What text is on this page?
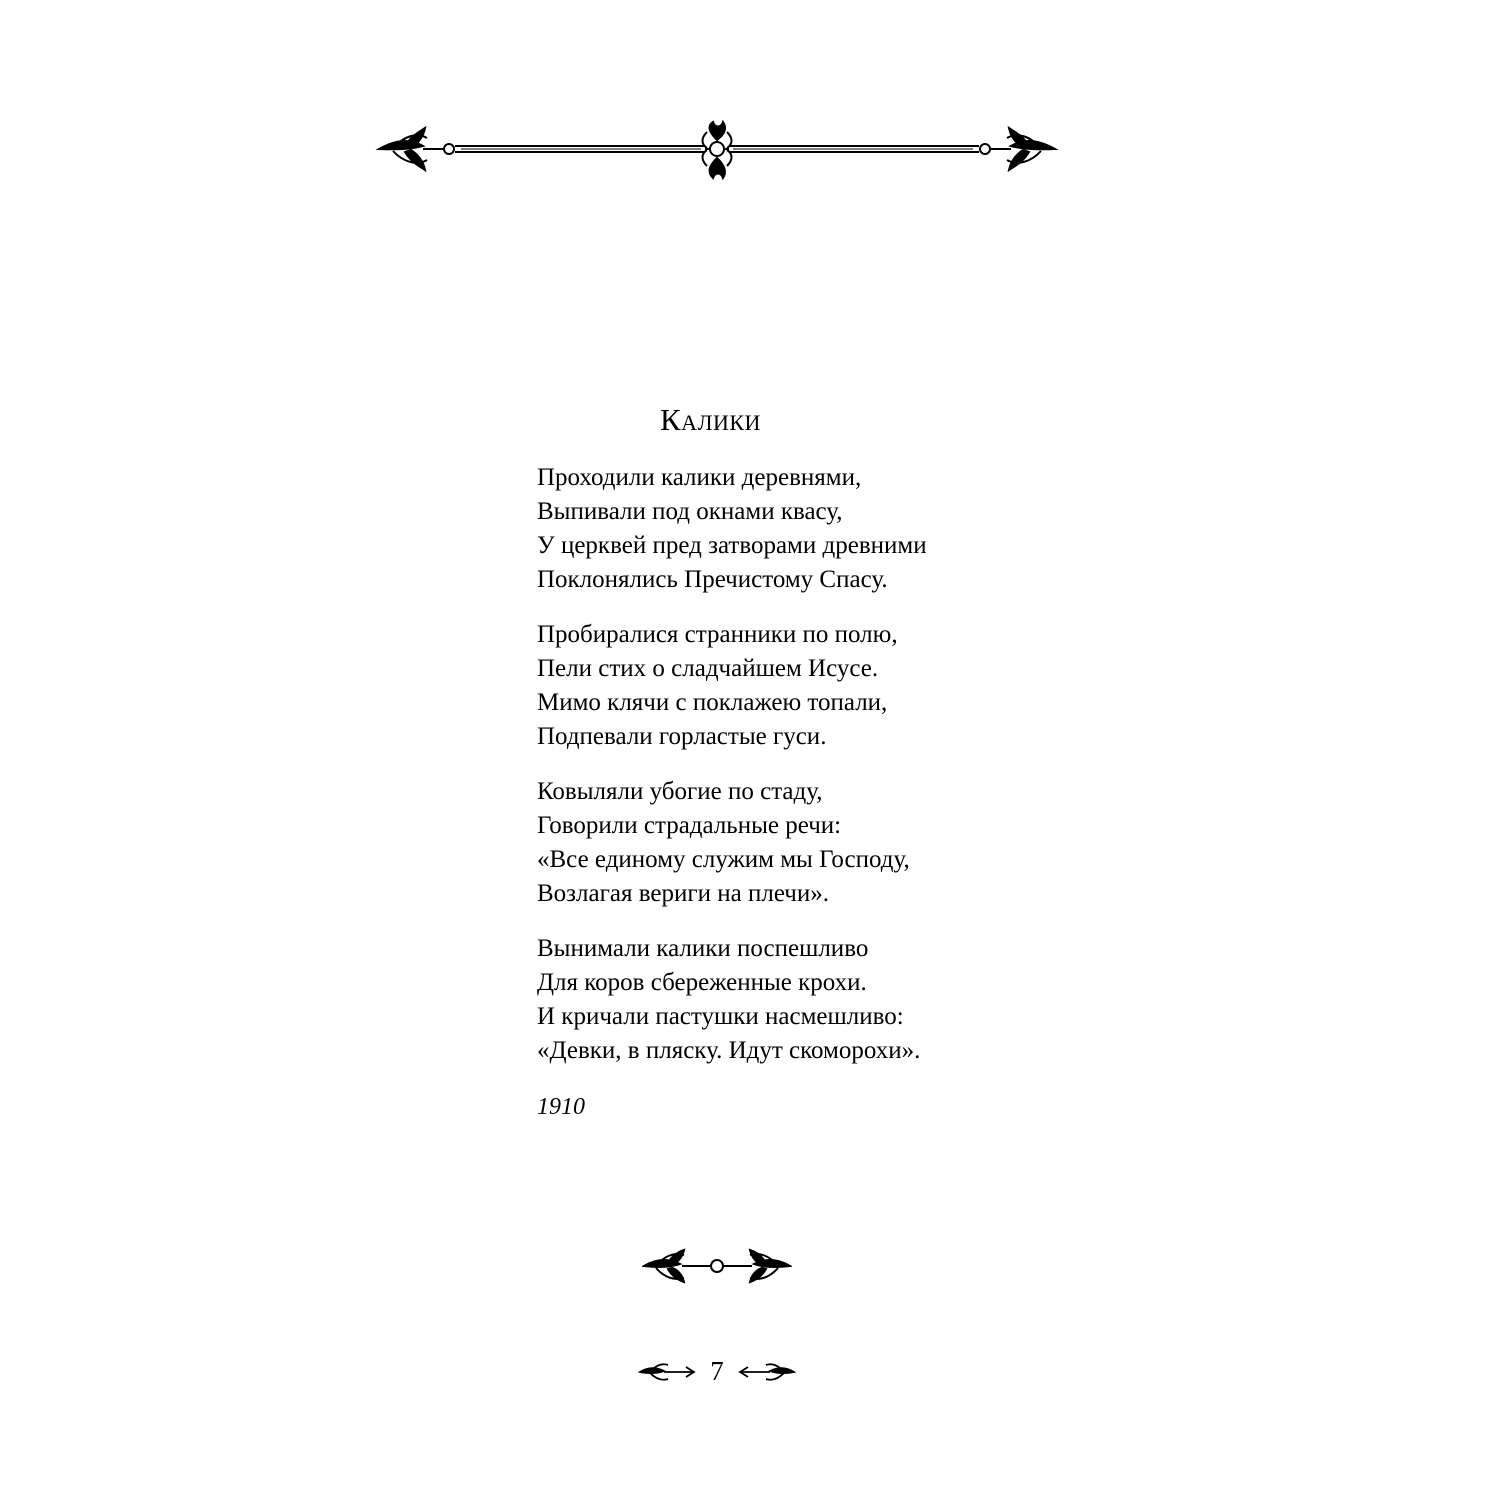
Калики
Проходили калики деревнями,
Выпивали под окнами квасу,
У церквей пред затворами древними
Поклонялись Пречистому Спасу.
Пробиралися странники по полю,
Пели стих о сладчайшем Исусе.
Мимо клячи с поклажею топали,
Подпевали горластые гуси.
Ковыляли убогие по стаду,
Говорили страдальные речи:
«Все единому служим мы Господу,
Возлагая вериги на плечи».
Вынимали калики поспешливо
Для коров сбереженные крохи.
И кричали пастушки насмешливо:
«Девки, в пляску. Идут скоморохи».
1910
7
